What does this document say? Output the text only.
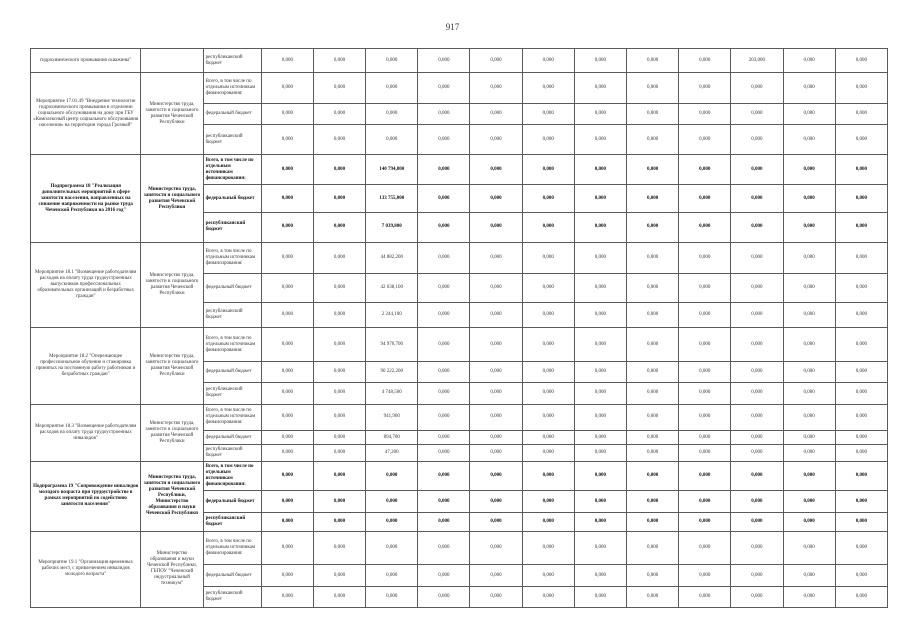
917
гидрохимического промывания скважины"		республиканский бюджет	0,000	0,000	0,000	0,000	0,000	0,000	0,000	0,000	0,000	203,000	0,000	0,000
Мероприятие 17.01.49 "Внедрение технологии гидрохимического промывания в отделении социального обслуживания на дому при ГБУ «Комплексный центр социального обслуживания населения» на территории города Грозный"	Министерство труда, занятости и социального развития Чеченской Республики	Всего, в том числе по отдельным источникам финансирования:	0,000	0,000	0,000	0,000	0,000	0,000	0,000	0,000	0,000	0,000	0,000	0,000
		федеральный бюджет	0,000	0,000	0,000	0,000	0,000	0,000	0,000	0,000	0,000	0,000	0,000	0,000
		республиканский бюджет	0,000	0,000	0,000	0,000	0,000	0,000	0,000	0,000	0,000	0,000	0,000	0,000
Подпрограмма 18 "Реализация дополнительных мероприятий в сфере занятости населения, направленных на снижение напряженности на рынке труда Чеченской Республики на 2016 год"	Министерство труда, занятости и социального развития Чеченской Республики	Всего, в том числе по отдельным источникам финансирования:	0,000	0,000	140 794,800	0,000	0,000	0,000	0,000	0,000	0,000	0,000	0,000	0,000
		федеральный бюджет	0,000	0,000	133 755,000	0,000	0,000	0,000	0,000	0,000	0,000	0,000	0,000	0,000
		республиканский бюджет	0,000	0,000	7 039,800	0,000	0,000	0,000	0,000	0,000	0,000	0,000	0,000	0,000
Мероприятие 18.1 "Возмещение работодателям расходов на оплату труда трудоустроенных выпускников профессиональных образовательных организаций и безработных граждан"	Министерство труда, занятости и социального развития Чеченской Республики	Всего, в том числе по отдельным источникам финансирования:	0,000	0,000	44 882,200	0,000	0,000	0,000	0,000	0,000	0,000	0,000	0,000	0,000
		федеральный бюджет	0,000	0,000	42 638,100	0,000	0,000	0,000	0,000	0,000	0,000	0,000	0,000	0,000
		республиканский бюджет	0,000	0,000	2 244,100	0,000	0,000	0,000	0,000	0,000	0,000	0,000	0,000	0,000
Мероприятие 18.2 "Опережающее профессиональное обучение и стажировка принятых на постоянную работу работников и безработных граждан"	Министерство труда, занятости и социального развития Чеченской Республики	Всего, в том числе по отдельным источникам финансирования:	0,000	0,000	94 970,700	0,000	0,000	0,000	0,000	0,000	0,000	0,000	0,000	0,000
		федеральный бюджет	0,000	0,000	90 222,200	0,000	0,000	0,000	0,000	0,000	0,000	0,000	0,000	0,000
		республиканский бюджет	0,000	0,000	4 748,500	0,000	0,000	0,000	0,000	0,000	0,000	0,000	0,000	0,000
Мероприятие 18.3 "Возмещение работодателям расходов на оплату труда трудоустроенных инвалидов"	Министерство труда, занятости и социального развития Чеченской Республики	Всего, в том числе по отдельным источникам финансирования:	0,000	0,000	941,900	0,000	0,000	0,000	0,000	0,000	0,000	0,000	0,000	0,000
		федеральный бюджет	0,000	0,000	894,700	0,000	0,000	0,000	0,000	0,000	0,000	0,000	0,000	0,000
		республиканский бюджет	0,000	0,000	47,200	0,000	0,000	0,000	0,000	0,000	0,000	0,000	0,000	0,000
Подпрограмма 19 "Сопровождение инвалидов молодого возраста при трудоустройстве в рамках мероприятий по содействию занятости населения"	Министерство труда, занятости и социального развития Чеченской Республики, Министерство образования и науки Чеченской Республики	Всего, в том числе по отдельным источникам финансирования:	0,000	0,000	0,000	0,000	0,000	0,000	0,000	0,000	0,000	0,000	0,000	0,000
		федеральный бюджет	0,000	0,000	0,000	0,000	0,000	0,000	0,000	0,000	0,000	0,000	0,000	0,000
		республиканский бюджет	0,000	0,000	0,000	0,000	0,000	0,000	0,000	0,000	0,000	0,000	0,000	0,000
Мероприятие 19.1 "Организация временных рабочих мест, с привлечением инвалидов молодого возраста"	Министерство образования и науки Чеченской Республики, ГБПОУ "Чеченский индустриальный техникум"	Всего, в том числе по отдельным источникам финансирования:	0,000	0,000	0,000	0,000	0,000	0,000	0,000	0,000	0,000	0,000	0,000	0,000
		федеральный бюджет	0,000	0,000	0,000	0,000	0,000	0,000	0,000	0,000	0,000	0,000	0,000	0,000
		республиканский бюджет	0,000	0,000	0,000	0,000	0,000	0,000	0,000	0,000	0,000	0,000	0,000	0,000
